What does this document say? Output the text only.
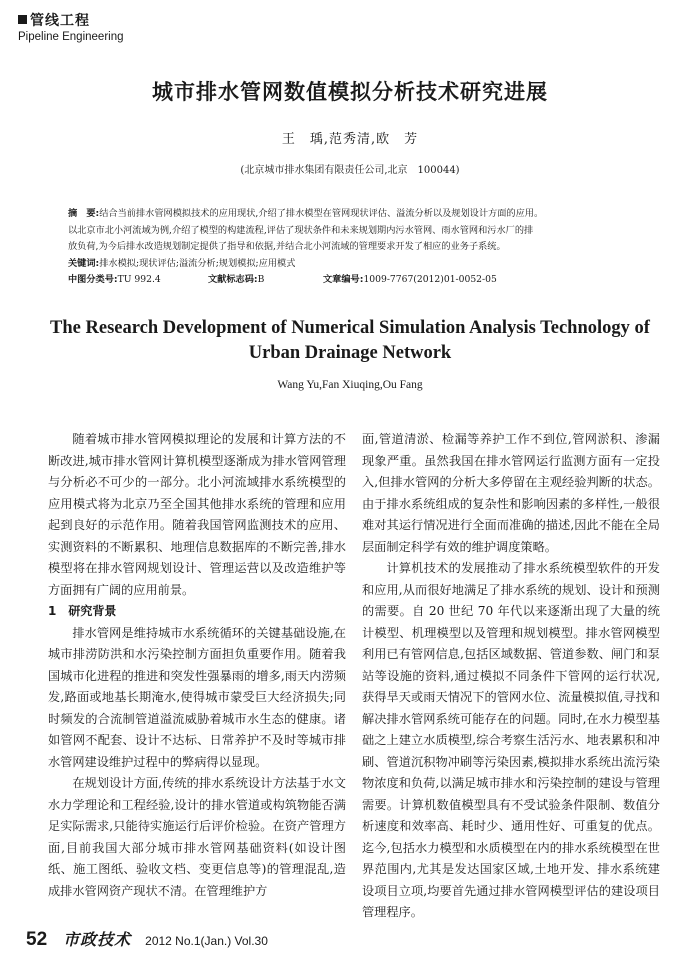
管线工程
Pipeline Engineering
城市排水管网数值模拟分析技术研究进展
王　瑀,范秀清,欧　芳
(北京城市排水集团有限责任公司,北京　100044)
摘　要:结合当前排水管网模拟技术的应用现状,介绍了排水模型在管网现状评估、溢流分析以及规划设计方面的应用。
以北京市北小河流域为例,介绍了模型的构建流程,评估了现状条件和未来规划期内污水管网、雨水管网和污水厂的排
放负荷,为今后排水改造规划制定提供了指导和依据,并结合北小河流域的管理要求开发了相应的业务子系统。
关键词:排水模拟;现状评估;溢流分析;规划模拟;应用模式
中图分类号:TU 992.4	文献标志码:B	文章编号:1009-7767(2012)01-0052-05
The Research Development of Numerical Simulation Analysis Technology of
Urban Drainage Network
Wang Yu,Fan Xiuqing,Ou Fang

随着城市排水管网模拟理论的发展和计算方法的不断改进,城市排水管网计算机模型逐渐成为排水管网管理与分析必不可少的一部分。北小河流域排水系统模型的应用模式将为北京乃至全国其他排水系统的管理和应用起到良好的示范作用。随着我国管网监测技术的应用、实测资料的不断累积、地理信息数据库的不断完善,排水模型将在排水管网规划设计、管理运营以及改造维护等方面拥有广阔的应用前景。

1　研究背景

排水管网是维持城市水系统循环的关键基础设施,在城市排涝防洪和水污染控制方面担负重要作用。随着我国城市化进程的推进和突发性强暴雨的增多,雨天内涝频发,路面或地基长期淹水,使得城市蒙受巨大经济损失;同时频发的合流制管道溢流威胁着城市水生态的健康。诸如管网不配套、设计不达标、日常养护不及时等城市排水管网建设维护过程中的弊病得以显现。

在规划设计方面,传统的排水系统设计方法基于水文水力学理论和工程经验,设计的排水管道或构筑物能否满足实际需求,只能待实施运行后评价检验。在资产管理方面,目前我国大部分城市排水管网基础资料(如设计图纸、施工图纸、验收文档、变更信息等)的管理混乱,造成排水管网资产现状不清。在管理维护方

面,管道清淤、检漏等养护工作不到位,管网淤积、渗漏现象严重。虽然我国在排水管网运行监测方面有一定投入,但排水管网的分析大多停留在主观经验判断的状态。由于排水系统组成的复杂性和影响因素的多样性,一般很难对其运行情况进行全面而准确的描述,因此不能在全局层面制定科学有效的维护调度策略。

计算机技术的发展推动了排水系统模型软件的开发和应用,从而很好地满足了排水系统的规划、设计和预测的需要。自 20 世纪 70 年代以来逐渐出现了大量的统计模型、机理模型以及管理和规划模型。排水管网模型利用已有管网信息,包括区域数据、管道参数、闸门和泵站等设施的资料,通过模拟不同条件下管网的运行状况,获得旱天或雨天情况下的管网水位、流量模拟值,寻找和解决排水管网系统可能存在的问题。同时,在水力模型基础之上建立水质模型,综合考察生活污水、地表累积和冲刷、管道沉积物冲刷等污染因素,模拟排水系统出流污染物浓度和负荷,以满足城市排水和污染控制的建设与管理需要。计算机数值模型具有不受试验条件限制、数值分析速度和效率高、耗时少、通用性好、可重复的优点。迄今,包括水力模型和水质模型在内的排水系统模型在世界范围内,尤其是发达国家区域,土地开发、排水系统建设项目立项,均要首先通过排水管网模型评估的建设项目管理程序。

52 市政技术 2012 No.1(Jan.) Vol.30
